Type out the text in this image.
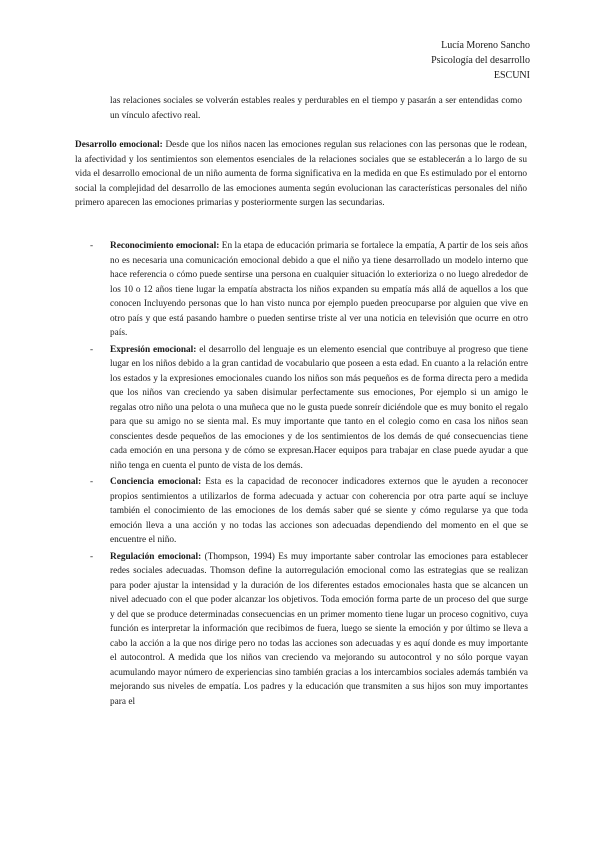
Lucía Moreno Sancho
Psicología del desarrollo
ESCUNI
las relaciones sociales se volverán estables reales y perdurables en el tiempo y pasarán a ser entendidas como un vínculo afectivo real.
Desarrollo emocional: Desde que los niños nacen las emociones regulan sus relaciones con las personas que le rodean, la afectividad y los sentimientos son elementos esenciales de la relaciones sociales que se establecerán a lo largo de su vida el desarrollo emocional de un niño aumenta de forma significativa en la medida en que Es estimulado por el entorno social la complejidad del desarrollo de las emociones aumenta según evolucionan las características personales del niño primero aparecen las emociones primarias y posteriormente surgen las secundarias.
- Reconocimiento emocional: En la etapa de educación primaria se fortalece la empatía, A partir de los seis años no es necesaria una comunicación emocional debido a que el niño ya tiene desarrollado un modelo interno que hace referencia o cómo puede sentirse una persona en cualquier situación lo exterioriza o no luego alrededor de los 10 o 12 años tiene lugar la empatía abstracta los niños expanden su empatía más allá de aquellos a los que conocen Incluyendo personas que lo han visto nunca por ejemplo pueden preocuparse por alguien que vive en otro país y que está pasando hambre o pueden sentirse triste al ver una noticia en televisión que ocurre en otro país.
- Expresión emocional: el desarrollo del lenguaje es un elemento esencial que contribuye al progreso que tiene lugar en los niños debido a la gran cantidad de vocabulario que poseen a esta edad. En cuanto a la relación entre los estados y la expresiones emocionales cuando los niños son más pequeños es de forma directa pero a medida que los niños van creciendo ya saben disimular perfectamente sus emociones, Por ejemplo si un amigo le regalas otro niño una pelota o una muñeca que no le gusta puede sonreír diciéndole que es muy bonito el regalo para que su amigo no se sienta mal. Es muy importante que tanto en el colegio como en casa los niños sean conscientes desde pequeños de las emociones y de los sentimientos de los demás de qué consecuencias tiene cada emoción en una persona y de cómo se expresan.Hacer equipos para trabajar en clase puede ayudar a que niño tenga en cuenta el punto de vista de los demás.
- Conciencia emocional: Esta es la capacidad de reconocer indicadores externos que le ayuden a reconocer propios sentimientos a utilizarlos de forma adecuada y actuar con coherencia por otra parte aquí se incluye también el conocimiento de las emociones de los demás saber qué se siente y cómo regularse ya que toda emoción lleva a una acción y no todas las acciones son adecuadas dependiendo del momento en el que se encuentre el niño.
- Regulación emocional: (Thompson, 1994) Es muy importante saber controlar las emociones para establecer redes sociales adecuadas. Thomson define la autorregulación emocional como las estrategias que se realizan para poder ajustar la intensidad y la duración de los diferentes estados emocionales hasta que se alcancen un nivel adecuado con el que poder alcanzar los objetivos. Toda emoción forma parte de un proceso del que surge y del que se produce determinadas consecuencias en un primer momento tiene lugar un proceso cognitivo, cuya función es interpretar la información que recibimos de fuera, luego se siente la emoción y por último se lleva a cabo la acción a la que nos dirige pero no todas las acciones son adecuadas y es aquí donde es muy importante el autocontrol. A medida que los niños van creciendo va mejorando su autocontrol y no sólo porque vayan acumulando mayor número de experiencias sino también gracias a los intercambios sociales además también va mejorando sus niveles de empatía. Los padres y la educación que transmiten a sus hijos son muy importantes para el
